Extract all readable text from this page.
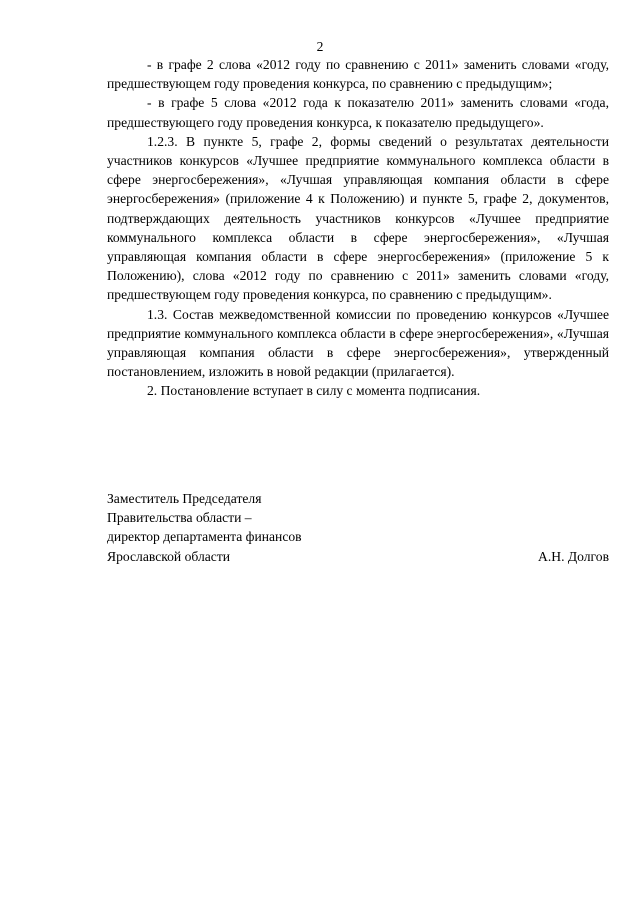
2

- в графе 2 слова «2012 году по сравнению с 2011» заменить словами «году, предшествующем году проведения конкурса, по сравнению с предыдущим»;

- в графе 5 слова «2012 года к показателю 2011» заменить словами «года, предшествующего году проведения конкурса, к показателю предыдущего».

1.2.3. В пункте 5, графе 2, формы сведений о результатах деятельности участников конкурсов «Лучшее предприятие коммунального комплекса области в сфере энергосбережения», «Лучшая управляющая компания области в сфере энергосбережения» (приложение 4 к Положению) и пункте 5, графе 2, документов, подтверждающих деятельность участников конкурсов «Лучшее предприятие коммунального комплекса области в сфере энергосбережения», «Лучшая управляющая компания области в сфере энергосбережения» (приложение 5 к Положению), слова «2012 году по сравнению с 2011» заменить словами «году, предшествующем году проведения конкурса, по сравнению с предыдущим».

1.3. Состав межведомственной комиссии по проведению конкурсов «Лучшее предприятие коммунального комплекса области в сфере энергосбережения», «Лучшая управляющая компания области в сфере энергосбережения», утвержденный постановлением, изложить в новой редакции (прилагается).

2. Постановление вступает в силу с момента подписания.

Заместитель Председателя
Правительства области –
директор департамента финансов
Ярославской области	А.Н. Долгов
